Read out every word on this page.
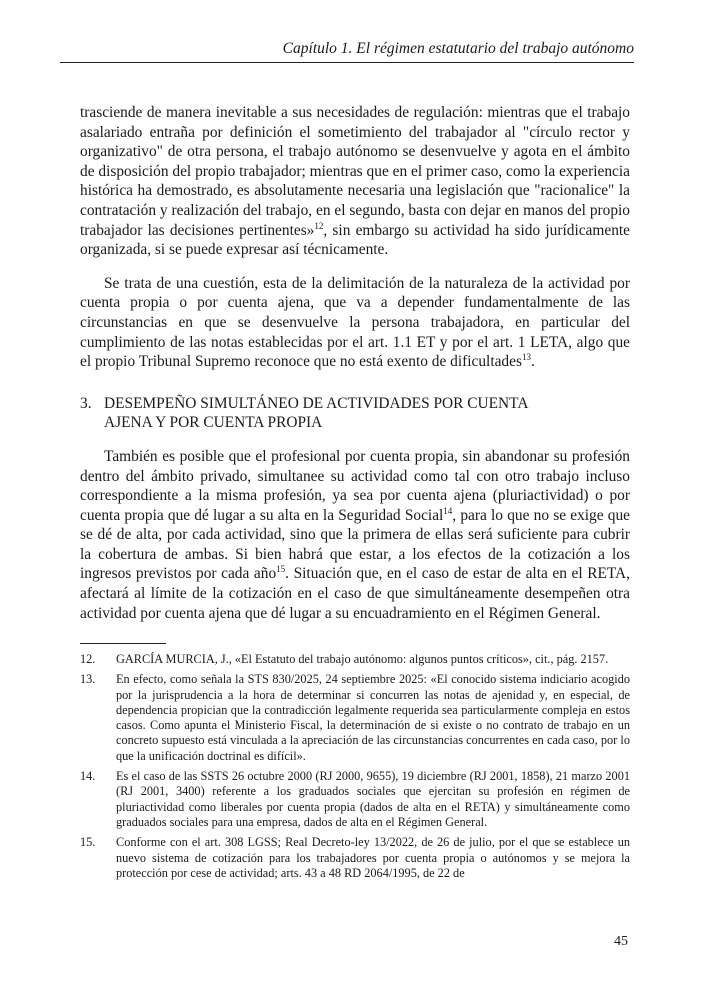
Capítulo 1. El régimen estatutario del trabajo autónomo

trasciende de manera inevitable a sus necesidades de regulación: mientras que el trabajo asalariado entraña por definición el sometimiento del trabajador al "círculo rector y organizativo" de otra persona, el trabajo autónomo se desenvuelve y agota en el ámbito de disposición del propio trabajador; mientras que en el primer caso, como la experiencia histórica ha demostrado, es absolutamente necesaria una legislación que "racionalice" la contratación y realización del trabajo, en el segundo, basta con dejar en manos del propio trabajador las decisiones pertinentes»$^{12}$, sin embargo su actividad ha sido jurídicamente organizada, si se puede expresar así técnicamente.

Se trata de una cuestión, esta de la delimitación de la naturaleza de la actividad por cuenta propia o por cuenta ajena, que va a depender fundamentalmente de las circunstancias en que se desenvuelve la persona trabajadora, en particular del cumplimiento de las notas establecidas por el art. 1.1 ET y por el art. 1 LETA, algo que el propio Tribunal Supremo reconoce que no está exento de dificultades$^{13}$.

3. DESEMPEÑO SIMULTÁNEO DE ACTIVIDADES POR CUENTA
AJENA Y POR CUENTA PROPIA

También es posible que el profesional por cuenta propia, sin abandonar su profesión dentro del ámbito privado, simultanee su actividad como tal con otro trabajo incluso correspondiente a la misma profesión, ya sea por cuenta ajena (pluriactividad) o por cuenta propia que dé lugar a su alta en la Seguridad Social$^{14}$, para lo que no se exige que se dé de alta, por cada actividad, sino que la primera de ellas será suficiente para cubrir la cobertura de ambas. Si bien habrá que estar, a los efectos de la cotización a los ingresos previstos por cada año$^{15}$. Situación que, en el caso de estar de alta en el RETA, afectará al límite de la cotización en el caso de que simultáneamente desempeñen otra actividad por cuenta ajena que dé lugar a su encuadramiento en el Régimen General.

12.	GARCÍA MURCIA, J., «El Estatuto del trabajo autónomo: algunos puntos críticos», cit., pág. 2157.
13.	En efecto, como señala la STS 830/2025, 24 septiembre 2025: «El conocido sistema indiciario acogido por la jurisprudencia a la hora de determinar si concurren las notas de ajenidad y, en especial, de dependencia propician que la contradicción legalmente requerida sea particularmente compleja en estos casos. Como apunta el Ministerio Fiscal, la determinación de si existe o no contrato de trabajo en un concreto supuesto está vinculada a la apreciación de las circunstancias concurrentes en cada caso, por lo que la unificación doctrinal es difícil».
14.	Es el caso de las SSTS 26 octubre 2000 (RJ 2000, 9655), 19 diciembre (RJ 2001, 1858), 21 marzo 2001 (RJ 2001, 3400) referente a los graduados sociales que ejercitan su profesión en régimen de pluriactividad como liberales por cuenta propia (dados de alta en el RETA) y simultáneamente como graduados sociales para una empresa, dados de alta en el Régimen General.
15.	Conforme con el art. 308 LGSS; Real Decreto-ley 13/2022, de 26 de julio, por el que se establece un nuevo sistema de cotización para los trabajadores por cuenta propia o autónomos y se mejora la protección por cese de actividad; arts. 43 a 48 RD 2064/1995, de 22 de
45
